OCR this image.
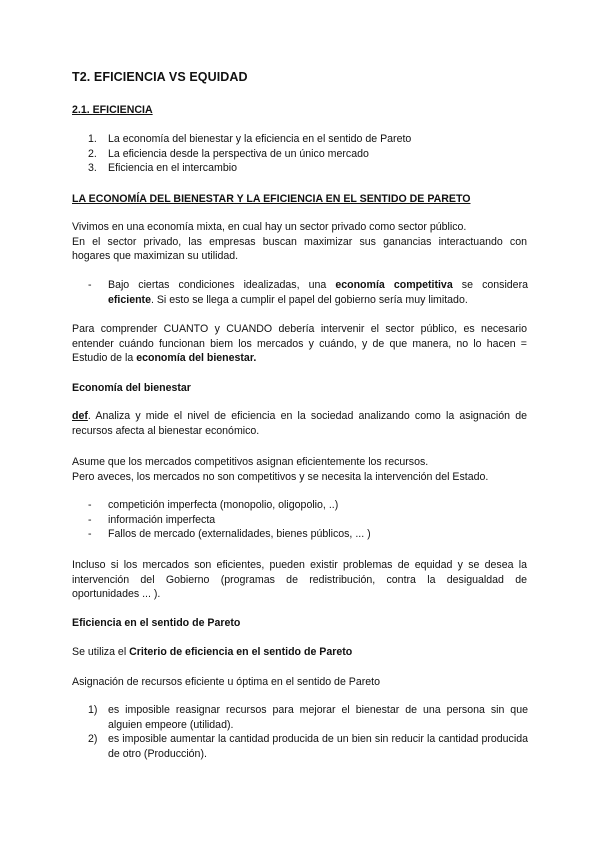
T2. EFICIENCIA VS EQUIDAD
2.1. EFICIENCIA
1. La economía del bienestar y la eficiencia en el sentido de Pareto
2. La eficiencia desde la perspectiva de un único mercado
3. Eficiencia en el intercambio
LA ECONOMÍA DEL BIENESTAR Y LA EFICIENCIA EN EL SENTIDO DE PARETO
Vivimos en una economía mixta, en cual hay un sector privado como sector público.
En el sector privado, las empresas buscan maximizar sus ganancias interactuando con
hogares que maximizan su utilidad.
- Bajo ciertas condiciones idealizadas, una economía competitiva se considera
eficiente. Si esto se llega a cumplir el papel del gobierno sería muy limitado.
Para comprender CUANTO y CUANDO debería intervenir el sector público, es necesario
entender cuándo funcionan biem los mercados y cuándo, y de que manera, no lo hacen =
Estudio de la economía del bienestar.
Economía del bienestar
def. Analiza y mide el nivel de eficiencia en la sociedad analizando como la asignación de
recursos afecta al bienestar económico.
Asume que los mercados competitivos asignan eficientemente los recursos.
Pero aveces, los mercados no son competitivos y se necesita la intervención del Estado.
- competición imperfecta (monopolio, oligopolio, ..)
- información imperfecta
- Fallos de mercado (externalidades, bienes públicos, ... )
Incluso si los mercados son eficientes, pueden existir problemas de equidad y se desea la
intervención del Gobierno (programas de redistribución, contra la desigualdad de
oportunidades ... ).
Eficiencia en el sentido de Pareto
Se utiliza el Criterio de eficiencia en el sentido de Pareto
Asignación de recursos eficiente u óptima en el sentido de Pareto
1) es imposible reasignar recursos para mejorar el bienestar de una persona sin que alguien empeore (utilidad).
2) es imposible aumentar la cantidad producida de un bien sin reducir la cantidad producida de otro (Producción).
